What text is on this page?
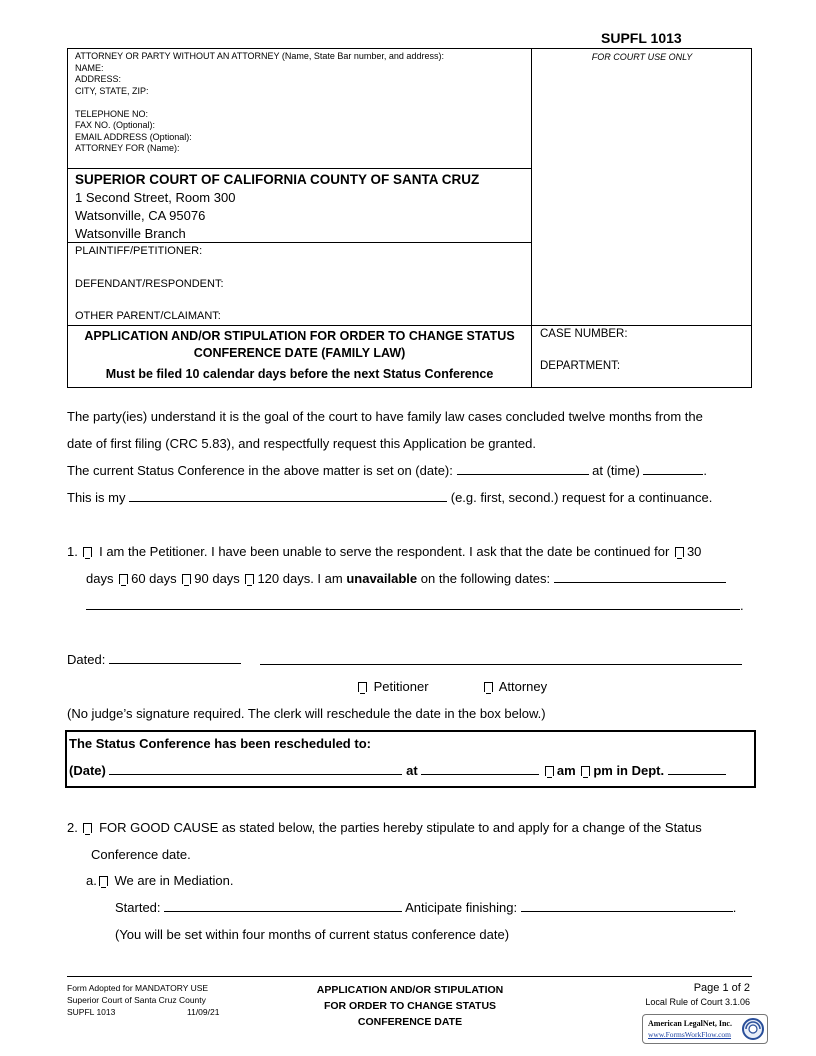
SUPFL 1013
FOR COURT USE ONLY
ATTORNEY OR PARTY WITHOUT AN ATTORNEY (Name, State Bar number, and address):
NAME:
ADDRESS:
CITY, STATE, ZIP:
TELEPHONE NO:
FAX NO. (Optional):
EMAIL ADDRESS (Optional):
ATTORNEY FOR (Name):
SUPERIOR COURT OF CALIFORNIA COUNTY OF SANTA CRUZ
1 Second Street, Room 300
Watsonville, CA 95076
Watsonville Branch
PLAINTIFF/PETITIONER:
DEFENDANT/RESPONDENT:
OTHER PARENT/CLAIMANT:
APPLICATION AND/OR STIPULATION FOR ORDER TO CHANGE STATUS
CONFERENCE DATE (FAMILY LAW)
Must be filed 10 calendar days before the next Status Conference
CASE NUMBER:
DEPARTMENT:
The party(ies) understand it is the goal of the court to have family law cases concluded twelve months from the
date of first filing (CRC 5.83), and respectfully request this Application be granted.
The current Status Conference in the above matter is set on (date):	at (time)	.
This is my	(e.g. first, second.) request for a continuance.
1. I am the Petitioner. I have been unable to serve the respondent. I ask that the date be continued for 30
days 60 days 90 days 120 days. I am unavailable on the following dates:
.
Dated:
Petitioner	Attorney
(No judge’s signature required. The clerk will reschedule the date in the box below.)
The Status Conference has been rescheduled to:
(Date)	at	am pm in Dept.
2. FOR GOOD CAUSE as stated below, the parties hereby stipulate to and apply for a change of the Status
Conference date.
a. We are in Mediation.
Started:	Anticipate finishing:	.
(You will be set within four months of current status conference date)
Form Adopted for MANDATORY USE
Superior Court of Santa Cruz County
SUPFL 1013	11/09/21
APPLICATION AND/OR STIPULATION
FOR ORDER TO CHANGE STATUS
CONFERENCE DATE
Page 1 of 2
Local Rule of Court 3.1.06
American LegalNet, Inc.
www.FormsWorkFlow.com
